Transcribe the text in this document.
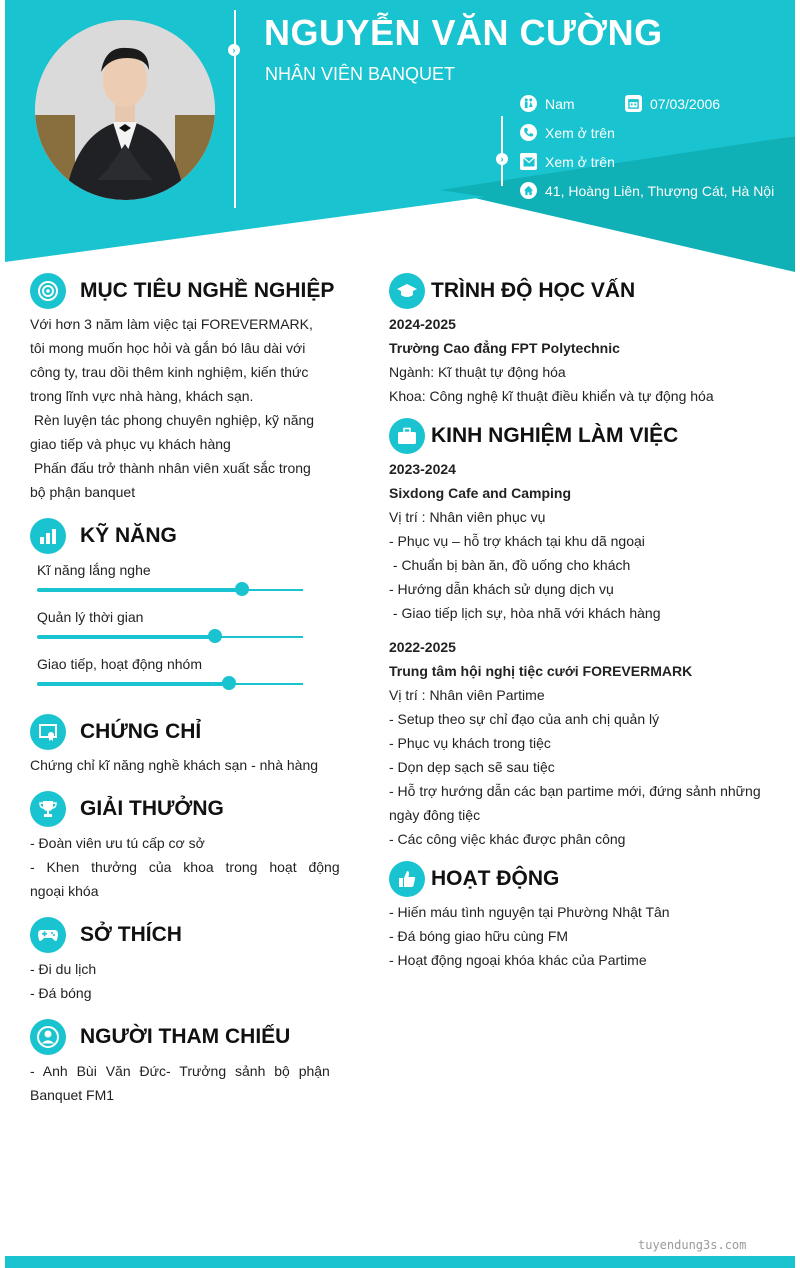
› NGUYỄN VĂN CƯỜNG
NHÂN VIÊN BANQUET
›
Nam	07/03/2006
Xem ở trên
Xem ở trên
41, Hoàng Liên, Thượng Cát, Hà Nội
MỤC TIÊU NGHỀ NGHIỆP
Với hơn 3 năm làm việc tại FOREVERMARK,
tôi mong muốn học hỏi và gắn bó lâu dài với
công ty, trau dồi thêm kinh nghiệm, kiến thức
trong lĩnh vực nhà hàng, khách sạn.
Rèn luyện tác phong chuyên nghiệp, kỹ năng
giao tiếp và phục vụ khách hàng
Phấn đấu trở thành nhân viên xuất sắc trong
bộ phận banquet
KỸ NĂNG
Kĩ năng lắng nghe
Quản lý thời gian
Giao tiếp, hoạt động nhóm
CHỨNG CHỈ
Chứng chỉ kĩ năng nghề khách sạn - nhà hàng
GIẢI THƯỞNG
- Đoàn viên ưu tú cấp cơ sở
- Khen thưởng của khoa trong hoạt động
ngoại khóa
SỞ THÍCH
- Đi du lịch
- Đá bóng
NGƯỜI THAM CHIẾU
- Anh Bùi Văn Đức- Trưởng sảnh bộ phận
Banquet FM1
TRÌNH ĐỘ HỌC VẤN
2024-2025
Trường Cao đẳng FPT Polytechnic
Ngành: Kĩ thuật tự động hóa
Khoa: Công nghệ kĩ thuật điều khiển và tự động hóa
KINH NGHIỆM LÀM VIỆC
2023-2024
Sixdong Cafe and Camping
Vị trí : Nhân viên phục vụ
- Phục vụ – hỗ trợ khách tại khu dã ngoại
- Chuẩn bị bàn ăn, đồ uống cho khách
- Hướng dẫn khách sử dụng dịch vụ
- Giao tiếp lịch sự, hòa nhã với khách hàng
2022-2025
Trung tâm hội nghị tiệc cưới FOREVERMARK
Vị trí : Nhân viên Partime
- Setup theo sự chỉ đạo của anh chị quản lý
- Phục vụ khách trong tiệc
- Dọn dẹp sạch sẽ sau tiệc
- Hỗ trợ hướng dẫn các bạn partime mới, đứng sảnh những
ngày đông tiệc
- Các công việc khác được phân công
HOẠT ĐỘNG
- Hiến máu tình nguyện tại Phường Nhật Tân
- Đá bóng giao hữu cùng FM
- Hoạt động ngoại khóa khác của Partime
tuyendung3s.com
